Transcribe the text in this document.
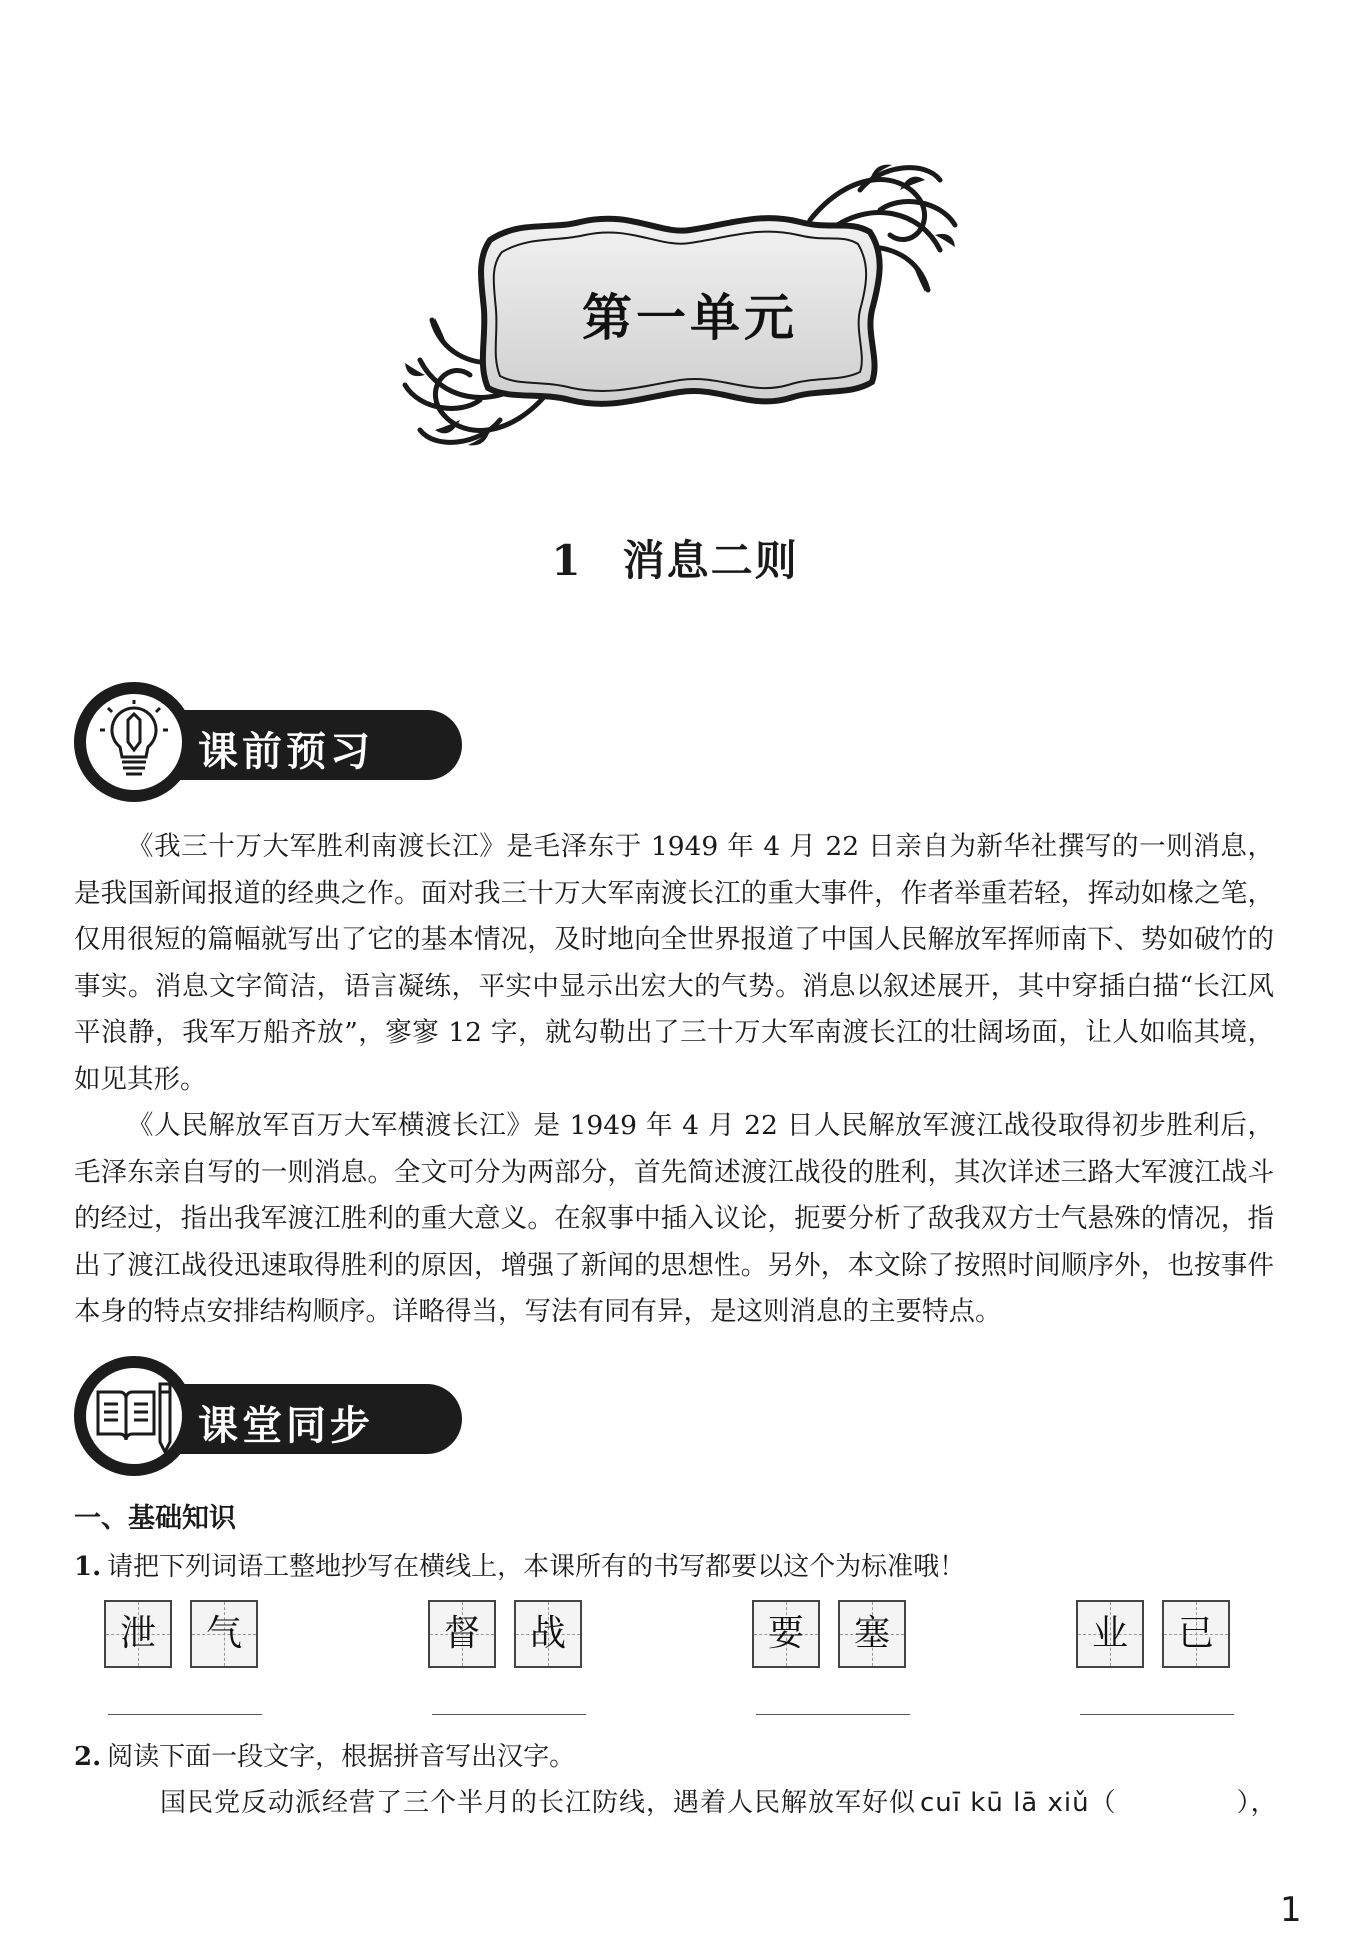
第一单元
1 消息二则
课前预习

《我三十万大军胜利南渡长江》是毛泽东于 1949 年 4 月 22 日亲自为新华社撰写的一则消息，是我国新闻报道的经典之作。面对我三十万大军南渡长江的重大事件，作者举重若轻，挥动如椽之笔，仅用很短的篇幅就写出了它的基本情况，及时地向全世界报道了中国人民解放军挥师南下、势如破竹的事实。消息文字简洁，语言凝练，平实中显示出宏大的气势。消息以叙述展开，其中穿插白描“长江风平浪静，我军万船齐放”，寥寥 12 字，就勾勒出了三十万大军南渡长江的壮阔场面，让人如临其境，如见其形。

《人民解放军百万大军横渡长江》是 1949 年 4 月 22 日人民解放军渡江战役取得初步胜利后，毛泽东亲自写的一则消息。全文可分为两部分，首先简述渡江战役的胜利，其次详述三路大军渡江战斗的经过，指出我军渡江胜利的重大意义。在叙事中插入议论，扼要分析了敌我双方士气悬殊的情况，指出了渡江战役迅速取得胜利的原因，增强了新闻的思想性。另外，本文除了按照时间顺序外，也按事件本身的特点安排结构顺序。详略得当，写法有同有异，是这则消息的主要特点。

课堂同步
一、基础知识
1. 请把下列词语工整地抄写在横线上，本课所有的书写都要以这个为标准哦！
泄	气	督	战	要	塞	业	已
2. 阅读下面一段文字，根据拼音写出汉字。
国民党反动派经营了三个半月的长江防线，遇着人民解放军好似 cuī kū lā xiǔ（	），
1
